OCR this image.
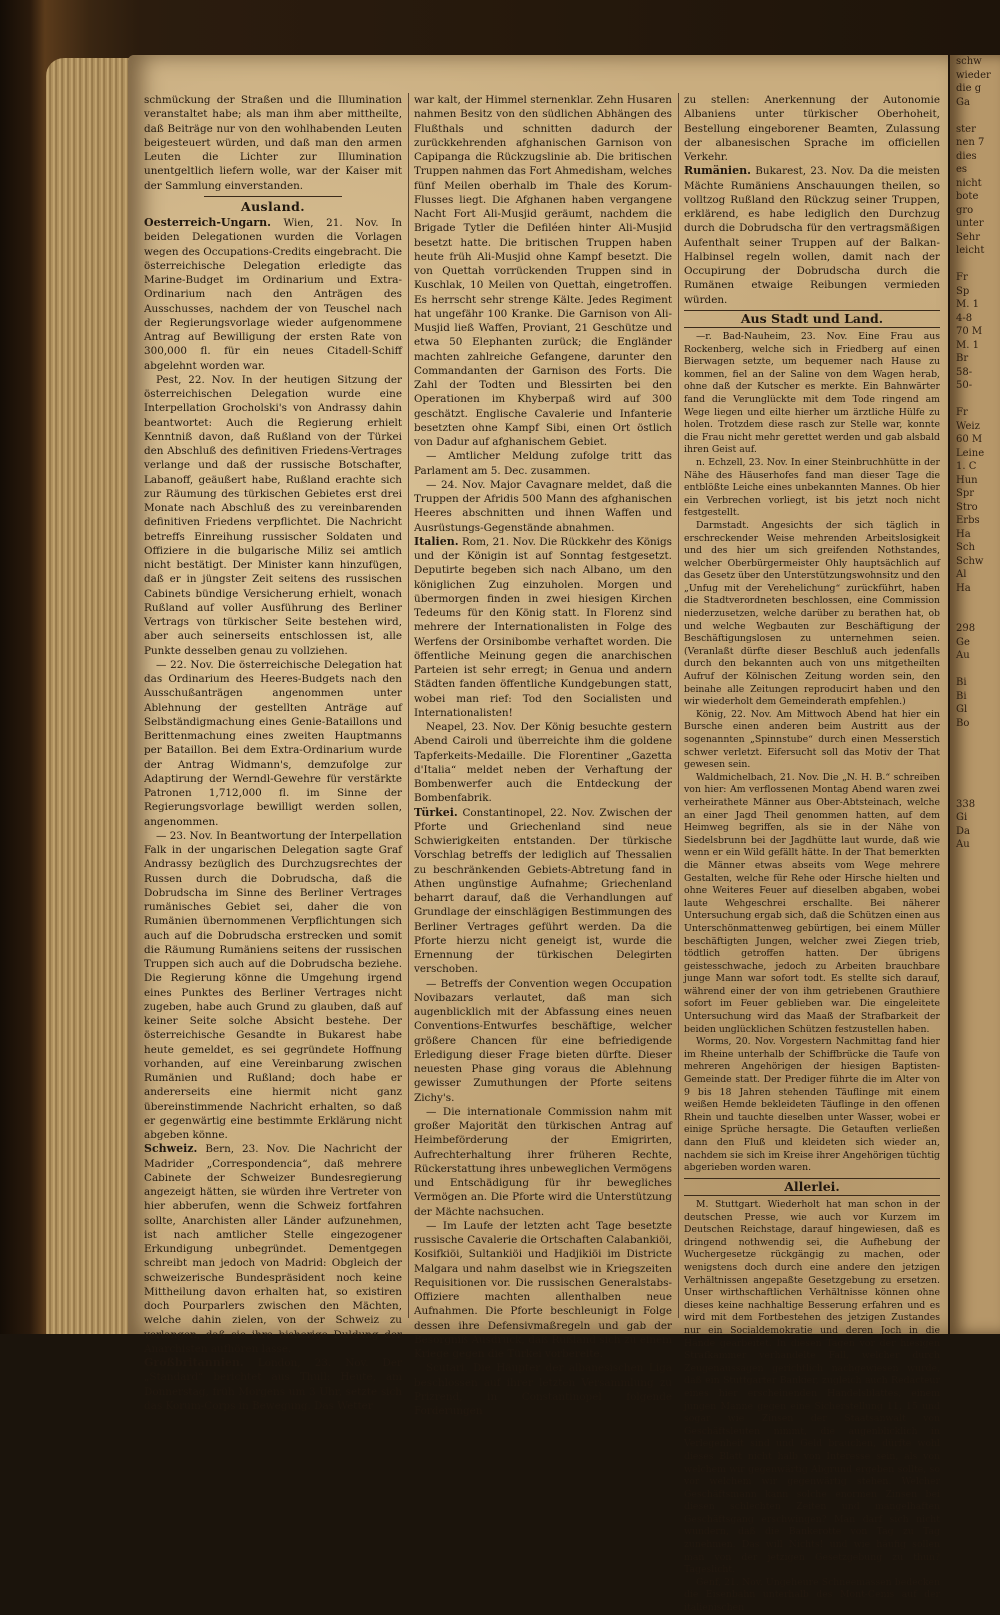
schmückung der Straßen und die Illumination veranstaltet habe; als man ihm aber mittheilte, daß Beiträge nur von den wohlhabenden Leuten beigesteuert würden, und daß man den armen Leuten die Lichter zur Illumination unentgeltlich liefern wolle, war der Kaiser mit der Sammlung einverstanden.

Ausland.

Oesterreich-Ungarn. Wien, 21. Nov. In beiden Delegationen wurden die Vorlagen wegen des Occupations-Credits eingebracht. Die österreichische Delegation erledigte das Marine-Budget im Ordinarium und Extra-Ordinarium nach den Anträgen des Ausschusses, nachdem der von Teuschel nach der Regierungsvorlage wieder aufgenommene Antrag auf Bewilligung der ersten Rate von 300,000 fl. für ein neues Citadell-Schiff abgelehnt worden war.

Pest, 22. Nov. In der heutigen Sitzung der österreichischen Delegation wurde eine Interpellation Grocholski's von Andrassy dahin beantwortet: Auch die Regierung erhielt Kenntniß davon, daß Rußland von der Türkei den Abschluß des definitiven Friedens-Vertrages verlange und daß der russische Botschafter, Labanoff, geäußert habe, Rußland erachte sich zur Räumung des türkischen Gebietes erst drei Monate nach Abschluß des zu vereinbarenden definitiven Friedens verpflichtet. Die Nachricht betreffs Einreihung russischer Soldaten und Offiziere in die bulgarische Miliz sei amtlich nicht bestätigt. Der Minister kann hinzufügen, daß er in jüngster Zeit seitens des russischen Cabinets bündige Versicherung erhielt, wonach Rußland auf voller Ausführung des Berliner Vertrags von türkischer Seite bestehen wird, aber auch seinerseits entschlossen ist, alle Punkte desselben genau zu vollziehen.

— 22. Nov. Die österreichische Delegation hat das Ordinarium des Heeres-Budgets nach den Ausschußanträgen angenommen unter Ablehnung der gestellten Anträge auf Selbständigmachung eines Genie-Bataillons und Berittenmachung eines zweiten Hauptmanns per Bataillon. Bei dem Extra-Ordinarium wurde der Antrag Widmann's, demzufolge zur Adaptirung der Werndl-Gewehre für verstärkte Patronen 1,712,000 fl. im Sinne der Regierungsvorlage bewilligt werden sollen, angenommen.

— 23. Nov. In Beantwortung der Interpellation Falk in der ungarischen Delegation sagte Graf Andrassy bezüglich des Durchzugsrechtes der Russen durch die Dobrudscha, daß die Dobrudscha im Sinne des Berliner Vertrages rumänisches Gebiet sei, daher die von Rumänien übernommenen Verpflichtungen sich auch auf die Dobrudscha erstrecken und somit die Räumung Rumäniens seitens der russischen Truppen sich auch auf die Dobrudscha beziehe. Die Regierung könne die Umgehung irgend eines Punktes des Berliner Vertrages nicht zugeben, habe auch Grund zu glauben, daß auf keiner Seite solche Absicht bestehe. Der österreichische Gesandte in Bukarest habe heute gemeldet, es sei gegründete Hoffnung vorhanden, auf eine Vereinbarung zwischen Rumänien und Rußland; doch habe er andererseits eine hiermit nicht ganz übereinstimmende Nachricht erhalten, so daß er gegenwärtig eine bestimmte Erklärung nicht abgeben könne.

Schweiz. Bern, 23. Nov. Die Nachricht der Madrider „Correspondencia“, daß mehrere Cabinete der Schweizer Bundesregierung angezeigt hätten, sie würden ihre Vertreter von hier abberufen, wenn die Schweiz fortfahren sollte, Anarchisten aller Länder aufzunehmen, ist nach amtlicher Stelle eingezogener Erkundigung unbegründet. Dementgegen schreibt man jedoch von Madrid: Obgleich der schweizerische Bundespräsident noch keine Mittheilung davon erhalten hat, so existiren doch Pourparlers zwischen den Mächten, welche dahin zielen, von der Schweiz zu verlangen, daß sie ihre bisherige Duldung der Anarchisten aufhören lasse.

Großbritannien. London, 23. Nov. Der „Standard“ berichtet aus Thull: Heute, am Donnerstag, früh Morgens um 3 Uhr, setzte sich das Korum-Corps in Bewegung. Das Wetter

war kalt, der Himmel sternenklar. Zehn Husaren nahmen Besitz von den südlichen Abhängen des Flußthals und schnitten dadurch der zurückkehrenden afghanischen Garnison von Capipanga die Rückzugslinie ab. Die britischen Truppen nahmen das Fort Ahmedisham, welches fünf Meilen oberhalb im Thale des Korum-Flusses liegt. Die Afghanen haben vergangene Nacht Fort Ali-Musjid geräumt, nachdem die Brigade Tytler die Defiléen hinter Ali-Musjid besetzt hatte. Die britischen Truppen haben heute früh Ali-Musjid ohne Kampf besetzt. Die von Quettah vorrückenden Truppen sind in Kuschlak, 10 Meilen von Quettah, eingetroffen. Es herrscht sehr strenge Kälte. Jedes Regiment hat ungefähr 100 Kranke. Die Garnison von Ali-Musjid ließ Waffen, Proviant, 21 Geschütze und etwa 50 Elephanten zurück; die Engländer machten zahlreiche Gefangene, darunter den Commandanten der Garnison des Forts. Die Zahl der Todten und Blessirten bei den Operationen im Khyberpaß wird auf 300 geschätzt. Englische Cavalerie und Infanterie besetzten ohne Kampf Sibi, einen Ort östlich von Dadur auf afghanischem Gebiet.

— Amtlicher Meldung zufolge tritt das Parlament am 5. Dec. zusammen.

— 24. Nov. Major Cavagnare meldet, daß die Truppen der Afridis 500 Mann des afghanischen Heeres abschnitten und ihnen Waffen und Ausrüstungs-Gegenstände abnahmen.

Italien. Rom, 21. Nov. Die Rückkehr des Königs und der Königin ist auf Sonntag festgesetzt. Deputirte begeben sich nach Albano, um den königlichen Zug einzuholen. Morgen und übermorgen finden in zwei hiesigen Kirchen Tedeums für den König statt. In Florenz sind mehrere der Internationalisten in Folge des Werfens der Orsinibombe verhaftet worden. Die öffentliche Meinung gegen die anarchischen Parteien ist sehr erregt; in Genua und andern Städten fanden öffentliche Kundgebungen statt, wobei man rief: Tod den Socialisten und Internationalisten!

Neapel, 23. Nov. Der König besuchte gestern Abend Cairoli und überreichte ihm die goldene Tapferkeits-Medaille. Die Florentiner „Gazetta d'Italia“ meldet neben der Verhaftung der Bombenwerfer auch die Entdeckung der Bombenfabrik.

Türkei. Constantinopel, 22. Nov. Zwischen der Pforte und Griechenland sind neue Schwierigkeiten entstanden. Der türkische Vorschlag betreffs der lediglich auf Thessalien zu beschränkenden Gebiets-Abtretung fand in Athen ungünstige Aufnahme; Griechenland beharrt darauf, daß die Verhandlungen auf Grundlage der einschlägigen Bestimmungen des Berliner Vertrages geführt werden. Da die Pforte hierzu nicht geneigt ist, wurde die Ernennung der türkischen Delegirten verschoben.

— Betreffs der Convention wegen Occupation Novibazars verlautet, daß man sich augenblicklich mit der Abfassung eines neuen Conventions-Entwurfes beschäftige, welcher größere Chancen für eine befriedigende Erledigung dieser Frage bieten dürfte. Dieser neuesten Phase ging voraus die Ablehnung gewisser Zumuthungen der Pforte seitens Zichy's.

— Die internationale Commission nahm mit großer Majorität den türkischen Antrag auf Heimbeförderung der Emigrirten, Aufrechterhaltung ihrer früheren Rechte, Rückerstattung ihres unbeweglichen Vermögens und Entschädigung für ihr bewegliches Vermögen an. Die Pforte wird die Unterstützung der Mächte nachsuchen.

— Im Laufe der letzten acht Tage besetzte russische Cavalerie die Ortschaften Calabankiöi, Kosifkiöi, Sultankiöi und Hadjikiöi im Districte Malgara und nahm daselbst wie in Kriegszeiten Requisitionen vor. Die russischen Generalstabs-Offiziere machten allenthalben neue Aufnahmen. Die Pforte beschleunigt in Folge dessen ihre Defensivmaßregeln und gab der Besorgniß Ausdruck, daß Rußland sich zu einem Kriege gegen die Türkei vorbereite.

Scutari. Die Häupter der albanesischen Liga beschlossen auf ihrer letzten Versammlung zu Prizrend, in Constantinopel folgende Forderungen

zu stellen: Anerkennung der Autonomie Albaniens unter türkischer Oberhoheit, Bestellung eingeborener Beamten, Zulassung der albanesischen Sprache im officiellen Verkehr.

Rumänien. Bukarest, 23. Nov. Da die meisten Mächte Rumäniens Anschauungen theilen, so volltzog Rußland den Rückzug seiner Truppen, erklärend, es habe lediglich den Durchzug durch die Dobrudscha für den vertragsmäßigen Aufenthalt seiner Truppen auf der Balkan-Halbinsel regeln wollen, damit nach der Occupirung der Dobrudscha durch die Rumänen etwaige Reibungen vermieden würden.

Aus Stadt und Land.

—r. Bad-Nauheim, 23. Nov. Eine Frau aus Rockenberg, welche sich in Friedberg auf einen Bierwagen setzte, um bequemer nach Hause zu kommen, fiel an der Saline von dem Wagen herab, ohne daß der Kutscher es merkte. Ein Bahnwärter fand die Verunglückte mit dem Tode ringend am Wege liegen und eilte hierher um ärztliche Hülfe zu holen. Trotzdem diese rasch zur Stelle war, konnte die Frau nicht mehr gerettet werden und gab alsbald ihren Geist auf.

n. Echzell, 23. Nov. In einer Steinbruchhütte in der Nähe des Häuserhofes fand man dieser Tage die entblößte Leiche eines unbekannten Mannes. Ob hier ein Verbrechen vorliegt, ist bis jetzt noch nicht festgestellt.

Darmstadt. Angesichts der sich täglich in erschreckender Weise mehrenden Arbeitslosigkeit und des hier um sich greifenden Nothstandes, welcher Oberbürgermeister Ohly hauptsächlich auf das Gesetz über den Unterstützungswohnsitz und den „Unfug mit der Verehelichung“ zurückführt, haben die Stadtverordneten beschlossen, eine Commission niederzusetzen, welche darüber zu berathen hat, ob und welche Wegbauten zur Beschäftigung der Beschäftigungslosen zu unternehmen seien. (Veranlaßt dürfte dieser Beschluß auch jedenfalls durch den bekannten auch von uns mitgetheilten Aufruf der Kölnischen Zeitung worden sein, den beinahe alle Zeitungen reproducirt haben und den wir wiederholt dem Gemeinderath empfehlen.)

König, 22. Nov. Am Mittwoch Abend hat hier ein Bursche einen anderen beim Austritt aus der sogenannten „Spinnstube“ durch einen Messerstich schwer verletzt. Eifersucht soll das Motiv der That gewesen sein.

Waldmichelbach, 21. Nov. Die „N. H. B.“ schreiben von hier: Am verflossenen Montag Abend waren zwei verheirathete Männer aus Ober-Abtsteinach, welche an einer Jagd Theil genommen hatten, auf dem Heimweg begriffen, als sie in der Nähe von Siedelsbrunn bei der Jagdhütte laut wurde, daß wie wenn er ein Wild gefällt hätte. In der That bemerkten die Männer etwas abseits vom Wege mehrere Gestalten, welche für Rehe oder Hirsche hielten und ohne Weiteres Feuer auf dieselben abgaben, wobei laute Wehgeschrei erschallte. Bei näherer Untersuchung ergab sich, daß die Schützen einen aus Unterschönmattenweg gebürtigen, bei einem Müller beschäftigten Jungen, welcher zwei Ziegen trieb, tödtlich getroffen hatten. Der übrigens geistesschwache, jedoch zu Arbeiten brauchbare junge Mann war sofort todt. Es stellte sich darauf, während einer der von ihm getriebenen Grauthiere sofort im Feuer geblieben war. Die eingeleitete Untersuchung wird das Maaß der Strafbarkeit der beiden unglücklichen Schützen festzustellen haben.

Worms, 20. Nov. Vorgestern Nachmittag fand hier im Rheine unterhalb der Schiffbrücke die Taufe von mehreren Angehörigen der hiesigen Baptisten-Gemeinde statt. Der Prediger führte die im Alter von 9 bis 18 Jahren stehenden Täuflinge mit einem weißen Hemde bekleideten Täuflinge in den offenen Rhein und tauchte dieselben unter Wasser, wobei er einige Sprüche hersagte. Die Getauften verließen dann den Fluß und kleideten sich wieder an, nachdem sie sich im Kreise ihrer Angehörigen tüchtig abgerieben worden waren.

Allerlei.

M. Stuttgart. Wiederholt hat man schon in der deutschen Presse, wie auch vor Kurzem im Deutschen Reichstage, darauf hingewiesen, daß es dringend nothwendig sei, die Aufhebung der Wuchergesetze rückgängig zu machen, oder wenigstens doch durch eine andere den jetzigen Verhältnissen angepaßte Gesetzgebung zu ersetzen. Unser wirthschaftlichen Verhältnisse können ohne dieses keine nachhaltige Besserung erfahren und es wird mit dem Fortbestehen des jetzigen Zustandes nur ein Socialdemokratie und deren Joch in die Hände gearbeitet. In diesen Tagen vor der hiesigen Strafkammer verhandelte Fall, welcher durch Zeugenaussagen gerichtlich nachgewiesen wurde, daß ein Stuttgarter Bankier, zugleich auch Redacteur eines hier erscheinenden Handelsblattes, einem jungen Manne gegen eine Sicherstellung 11, 15 und sogar wie Zinsen der Staatsanwalt von Geschäftsleuten nimmt, die augenblicklich in Verlegenheit sind und Geld brauchen, dürfte wohl dieses Blatt nicht halb von Interesse sein, als von welchem wir gegenwärtig Abgrund ergeben sollte, so vor welchem wir gegenwärtig stehen. Welcher Geschäftsmann kann solche enormen Zinsen bei diesen schlechten Zeiten und mangelhaften Geschäftsgang erschwingen? Man darf sich nicht wundern, daß die Bankerotte von Tag zu Tag zunehmen. Das will Nichts! und wie häufig sollen man von der jetzigen Gesetzgebung zu thun? Tageslicht.

Genf, 21. Nov. Ungeheure Schneemassen bedecken die Eisenbahn unterhalb des Mont-Cenis auf der italienischen

schw
wieder
die g
Ga

ster
nen 7
dies
es
nicht
bote
gro
unter
Sehr
leicht

Fr
Sp
M. 1
4-8
70 M
M. 1
Br
58-
50-

Fr
Weiz
60 M
Leine
1. C
Hun
Spr
Stro
Erbs
Ha
Sch
Schw
Al
Ha

298
Ge
Au

Bi
Bi
Gl
Bo

338
Gi
Da
Au
